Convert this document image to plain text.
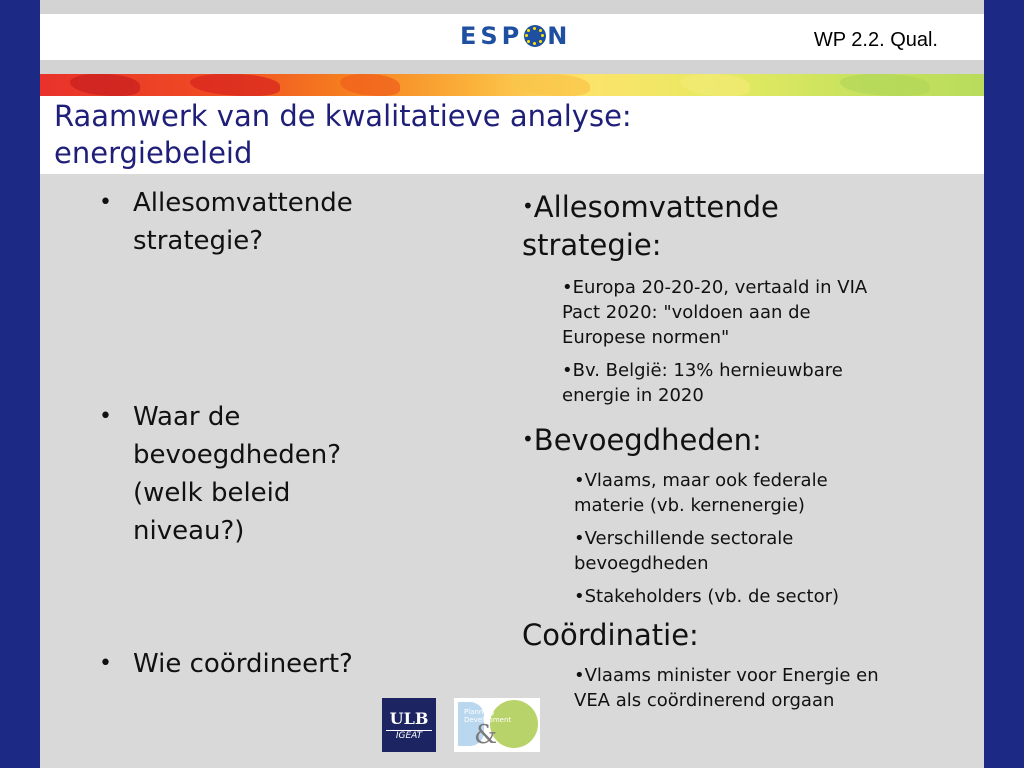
ESP N	WP 2.2. Qual.
Raamwerk van de kwalitatieve analyse:
energiebeleid
• Allesomvattende
strategie?
• Waar de
bevoegdheden?
(welk beleid
niveau?)
• Wie coördineert?
•Allesomvattende
strategie:
•Europa 20-20-20, vertaald in VIA
Pact 2020: "voldoen aan de
Europese normen"
•Bv. België: 13% hernieuwbare
energie in 2020
•Bevoegdheden:
•Vlaams, maar ook federale
materie (vb. kernenergie)
•Verschillende sectorale
bevoegdheden
•Stakeholders (vb. de sector)
Coördinatie:
•Vlaams minister voor Energie en
VEA als coördinerend orgaan
ULB
IGEAT	&
Planning
Development
